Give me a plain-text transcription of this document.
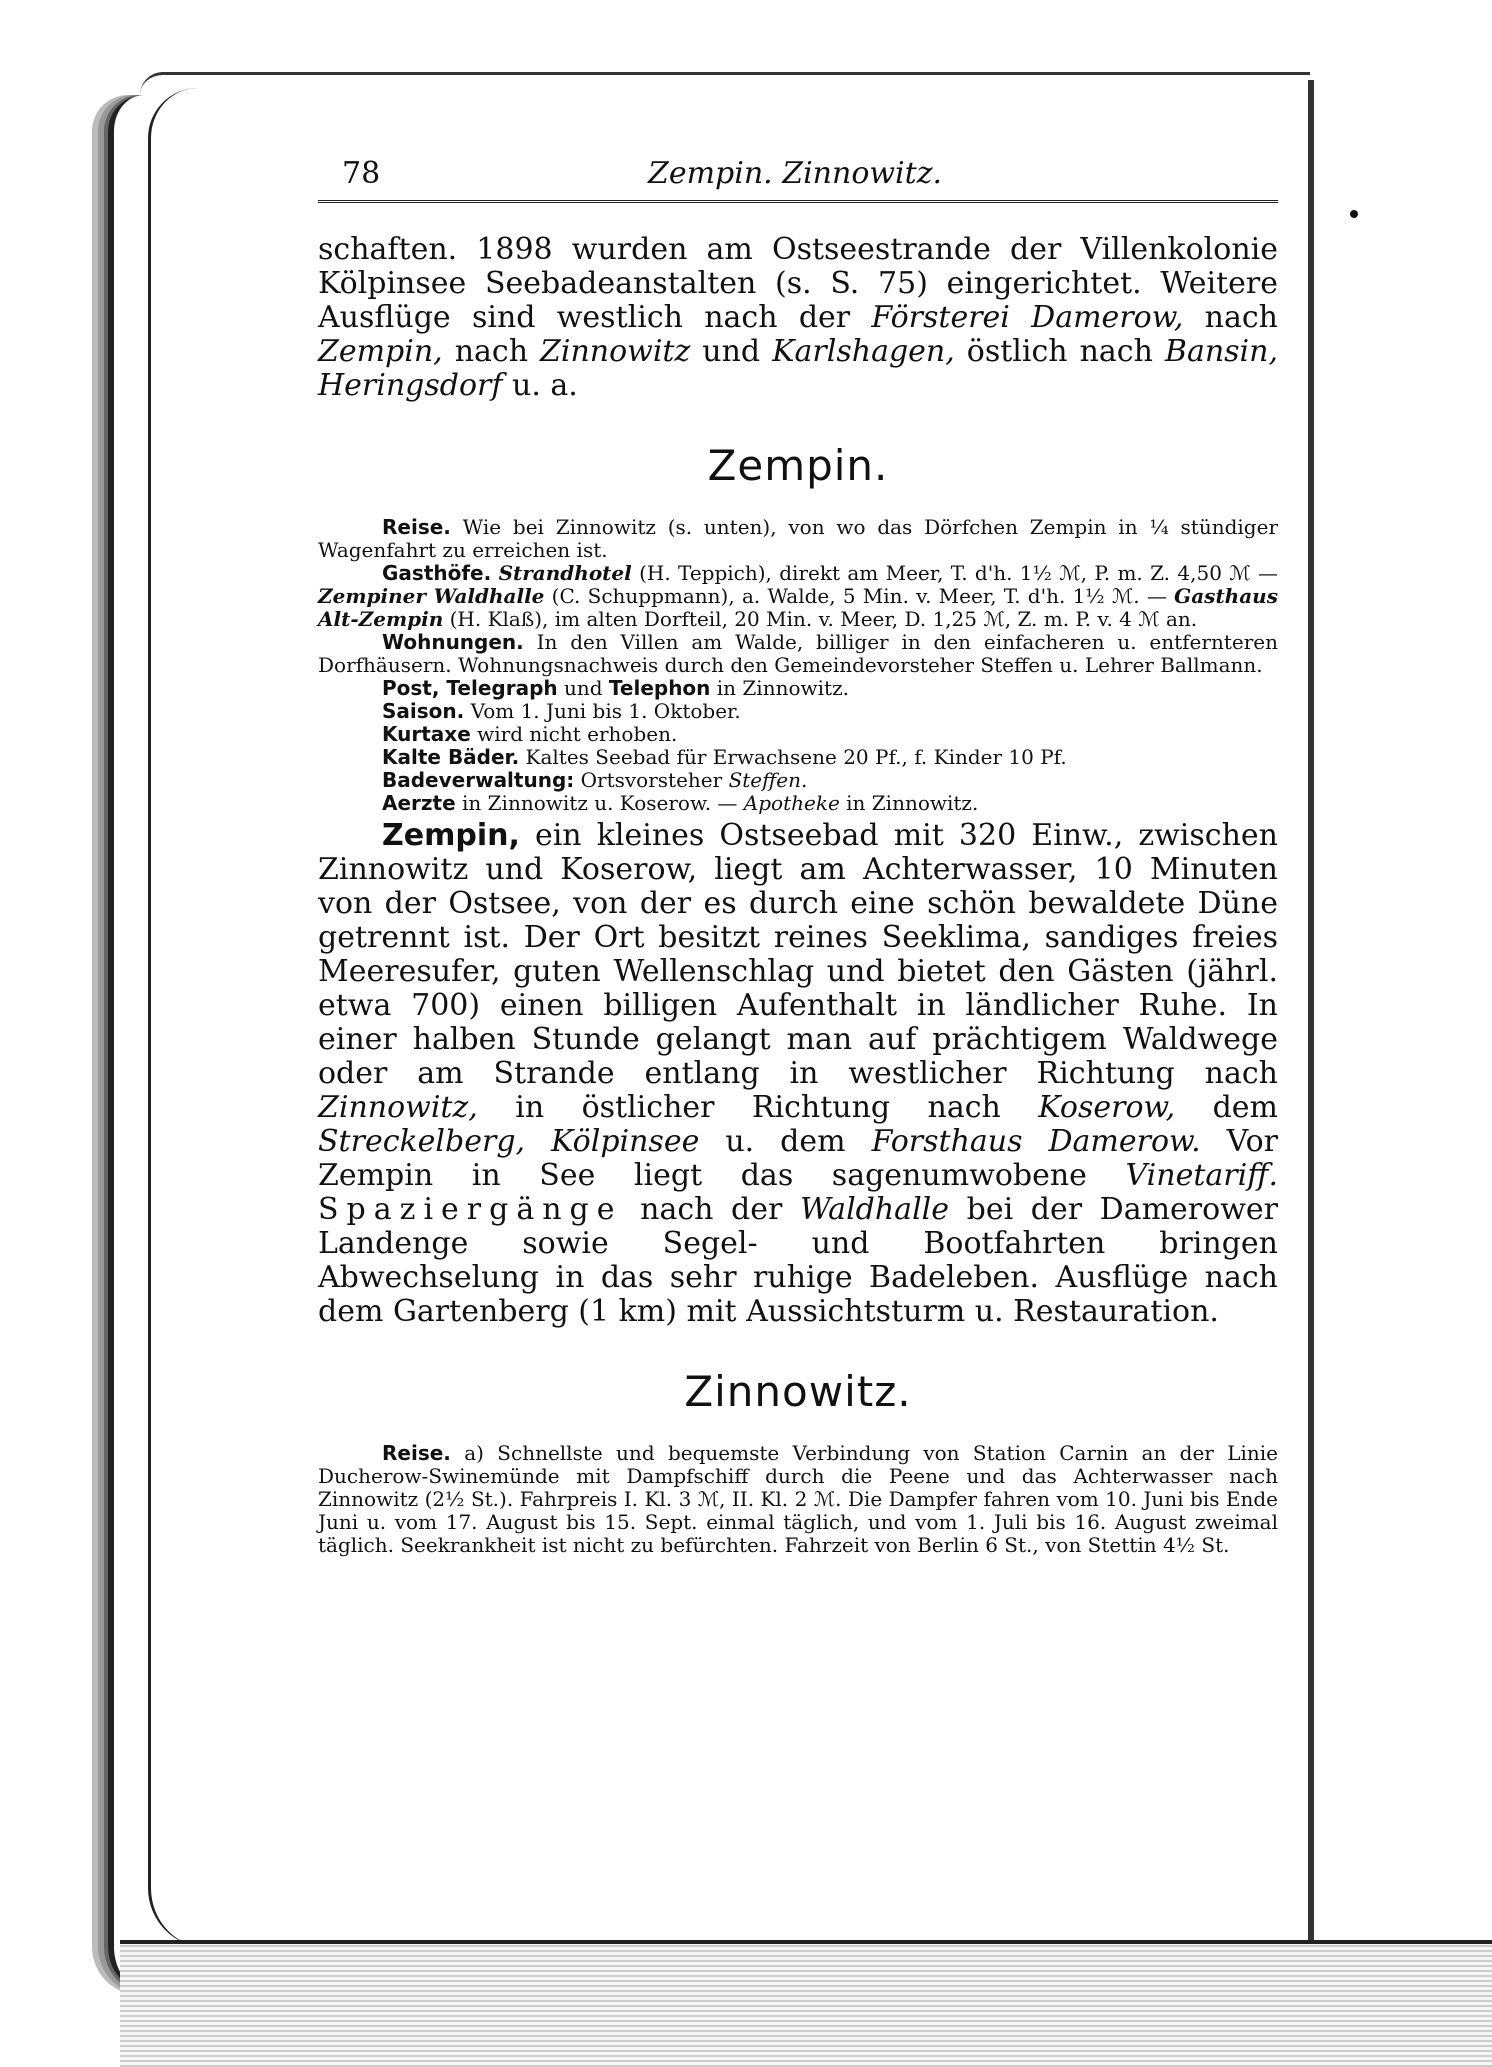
78	Zempin. Zinnowitz.

schaften. 1898 wurden am Ostseestrande der Villenkolonie Kölpinsee Seebadeanstalten (s. S. 75) eingerichtet. Weitere Ausflüge sind westlich nach der Försterei Damerow, nach Zempin, nach Zinnowitz und Karlshagen, östlich nach Bansin, Heringsdorf u. a.

Zempin.

Reise. Wie bei Zinnowitz (s. unten), von wo das Dörfchen Zempin in ¼ stündiger Wagenfahrt zu erreichen ist.

Gasthöfe. Strandhotel (H. Teppich), direkt am Meer, T. d'h. 1½ ℳ, P. m. Z. 4,50 ℳ — Zempiner Waldhalle (C. Schuppmann), a. Walde, 5 Min. v. Meer, T. d'h. 1½ ℳ. — Gasthaus Alt-Zempin (H. Klaß), im alten Dorfteil, 20 Min. v. Meer, D. 1,25 ℳ, Z. m. P. v. 4 ℳ an.

Wohnungen. In den Villen am Walde, billiger in den einfacheren u. entfernteren Dorfhäusern. Wohnungsnachweis durch den Gemeindevorsteher Steffen u. Lehrer Ballmann.

Post, Telegraph und Telephon in Zinnowitz.

Saison. Vom 1. Juni bis 1. Oktober.

Kurtaxe wird nicht erhoben.

Kalte Bäder. Kaltes Seebad für Erwachsene 20 Pf., f. Kinder 10 Pf.

Badeverwaltung: Ortsvorsteher Steffen.

Aerzte in Zinnowitz u. Koserow. — Apotheke in Zinnowitz.

Zempin, ein kleines Ostseebad mit 320 Einw., zwischen Zinnowitz und Koserow, liegt am Achterwasser, 10 Minuten von der Ostsee, von der es durch eine schön bewaldete Düne getrennt ist. Der Ort besitzt reines Seeklima, sandiges freies Meeresufer, guten Wellenschlag und bietet den Gästen (jährl. etwa 700) einen billigen Aufenthalt in ländlicher Ruhe. In einer halben Stunde gelangt man auf prächtigem Waldwege oder am Strande entlang in westlicher Richtung nach Zinnowitz, in östlicher Richtung nach Koserow, dem Streckelberg, Kölpinsee u. dem Forsthaus Damerow. Vor Zempin in See liegt das sagenumwobene Vinetariff. Spaziergänge nach der Waldhalle bei der Damerower Landenge sowie Segel- und Bootfahrten bringen Abwechselung in das sehr ruhige Badeleben. Ausflüge nach dem Gartenberg (1 km) mit Aussichtsturm u. Restauration.

Zinnowitz.

Reise. a) Schnellste und bequemste Verbindung von Station Carnin an der Linie Ducherow-Swinemünde mit Dampfschiff durch die Peene und das Achterwasser nach Zinnowitz (2½ St.). Fahrpreis I. Kl. 3 ℳ, II. Kl. 2 ℳ. Die Dampfer fahren vom 10. Juni bis Ende Juni u. vom 17. August bis 15. Sept. einmal täglich, und vom 1. Juli bis 16. August zweimal täglich. Seekrankheit ist nicht zu befürchten. Fahrzeit von Berlin 6 St., von Stettin 4½ St.
